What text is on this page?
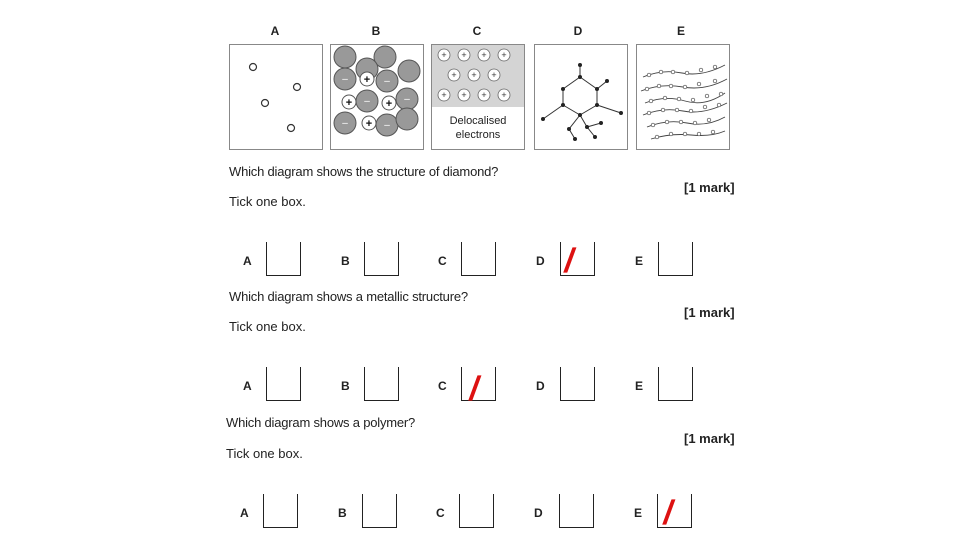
A	B	C	D	E
+
+
+
+
–	–
–	–
–	–
+ + + +
+ + +
+ + + +
Delocalised
electrons
Which diagram shows the structure of diamond?
[1 mark]
Tick one box.
A	B	C	D /	E
Which diagram shows a metallic structure?
[1 mark]
Tick one box.
A	B	C /	D	E
Which diagram shows a polymer?
[1 mark]
Tick one box.
A	B	C	D	E /
